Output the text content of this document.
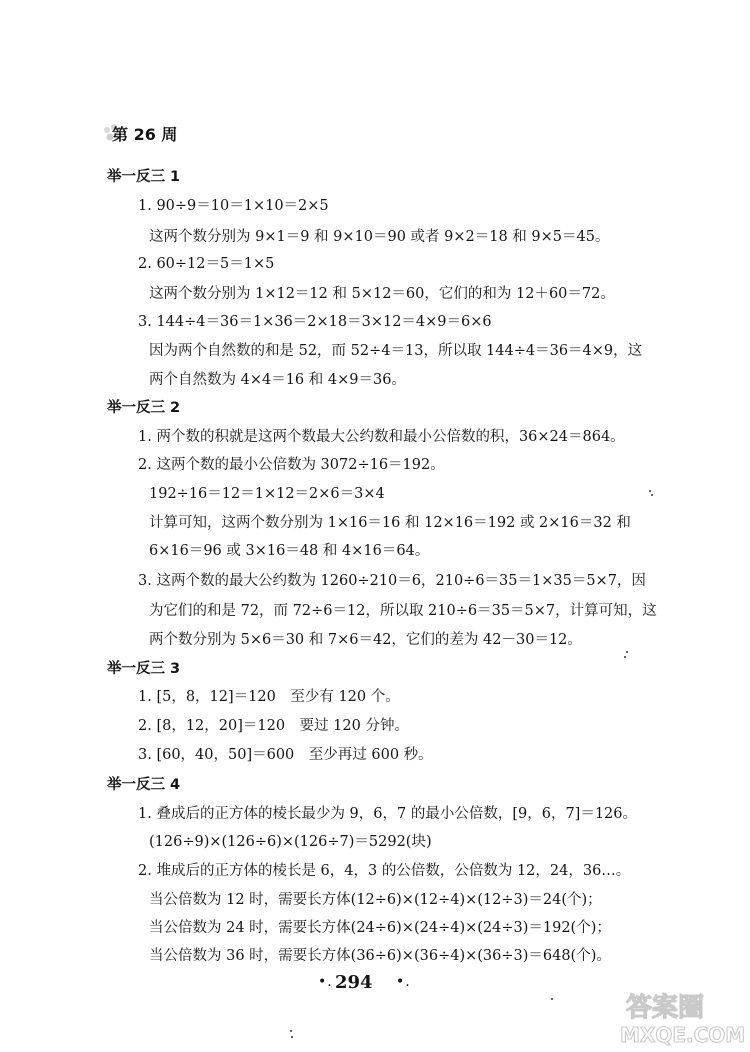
第 26 周
举一反三 1
1. 90÷9＝10＝1×10＝2×5
这两个数分别为 9×1＝9 和 9×10＝90 或者 9×2＝18 和 9×5＝45。
2. 60÷12＝5＝1×5
这两个数分别为 1×12＝12 和 5×12＝60，它们的和为 12＋60＝72。
3. 144÷4＝36＝1×36＝2×18＝3×12＝4×9＝6×6
因为两个自然数的和是 52，而 52÷4＝13，所以取 144÷4＝36＝4×9，这
两个自然数为 4×4＝16 和 4×9＝36。
举一反三 2
1. 两个数的积就是这两个数最大公约数和最小公倍数的积，36×24＝864。
2. 这两个数的最小公倍数为 3072÷16＝192。
192÷16＝12＝1×12＝2×6＝3×4
计算可知，这两个数分别为 1×16＝16 和 12×16＝192 或 2×16＝32 和
6×16＝96 或 3×16＝48 和 4×16＝64。
3. 这两个数的最大公约数为 1260÷210＝6，210÷6＝35＝1×35＝5×7，因
为它们的和是 72，而 72÷6＝12，所以取 210÷6＝35＝5×7，计算可知，这
两个数分别为 5×6＝30 和 7×6＝42，它们的差为 42－30＝12。
举一反三 3
1. [5，8，12]＝120　至少有 120 个。
2. [8，12，20]＝120　要过 120 分钟。
3. [60，40，50]＝600　至少再过 600 秒。
举一反三 4
1. 叠成后的正方体的棱长最少为 9，6，7 的最小公倍数，[9，6，7]＝126。
(126÷9)×(126÷6)×(126÷7)＝5292(块)
2. 堆成后的正方体的棱长是 6，4，3 的公倍数，公倍数为 12，24，36…。
当公倍数为 12 时，需要长方体(12÷6)×(12÷4)×(12÷3)＝24(个)；
当公倍数为 24 时，需要长方体(24÷6)×(24÷4)×(24÷3)＝192(个)；
当公倍数为 36 时，需要长方体(36÷6)×(36÷4)×(36÷3)＝648(个)。
•. 294 •.
答案圈
MXQE.COM
